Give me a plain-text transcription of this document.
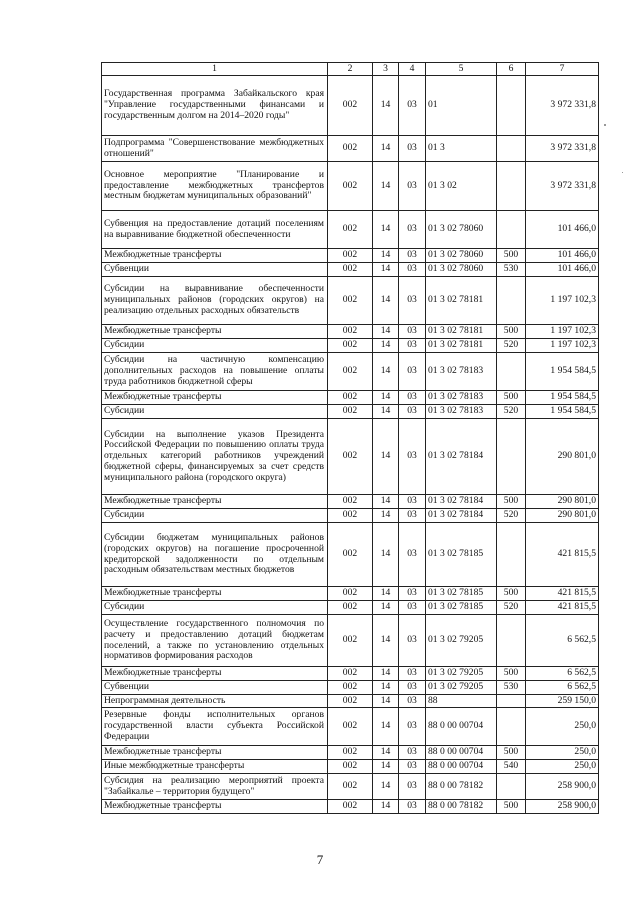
1	2	3	4	5	6	7
Государственная программа Забайкальского края "Управление государственными финансами и государственным долгом на 2014–2020 годы"	002	14	03	01		3 972 331,8
Подпрограмма "Совершенствование межбюджетных отношений"	002	14	03	01 3		3 972 331,8
Основное мероприятие "Планирование и предоставление межбюджетных трансфертов местным бюджетам муниципальных образований"	002	14	03	01 3 02		3 972 331,8
Субвенция на предоставление дотаций поселениям на выравнивание бюджетной обеспеченности	002	14	03	01 3 02 78060		101 466,0
Межбюджетные трансферты	002	14	03	01 3 02 78060	500	101 466,0
Субвенции	002	14	03	01 3 02 78060	530	101 466,0
Субсидии на выравнивание обеспеченности муниципальных районов (городских округов) на реализацию отдельных расходных обязательств	002	14	03	01 3 02 78181		1 197 102,3
Межбюджетные трансферты	002	14	03	01 3 02 78181	500	1 197 102,3
Субсидии	002	14	03	01 3 02 78181	520	1 197 102,3
Субсидии на частичную компенсацию дополнительных расходов на повышение оплаты труда работников бюджетной сферы	002	14	03	01 3 02 78183		1 954 584,5
Межбюджетные трансферты	002	14	03	01 3 02 78183	500	1 954 584,5
Субсидии	002	14	03	01 3 02 78183	520	1 954 584,5
Субсидии на выполнение указов Президента Российской Федерации по повышению оплаты труда отдельных категорий работников учреждений бюджетной сферы, финансируемых за счет средств муниципального района (городского округа)	002	14	03	01 3 02 78184		290 801,0
Межбюджетные трансферты	002	14	03	01 3 02 78184	500	290 801,0
Субсидии	002	14	03	01 3 02 78184	520	290 801,0
Субсидии бюджетам муниципальных районов (городских округов) на погашение просроченной кредиторской задолженности по отдельным расходным обязательствам местных бюджетов	002	14	03	01 3 02 78185		421 815,5
Межбюджетные трансферты	002	14	03	01 3 02 78185	500	421 815,5
Субсидии	002	14	03	01 3 02 78185	520	421 815,5
Осуществление государственного полномочия по расчету и предоставлению дотаций бюджетам поселений, а также по установлению отдельных нормативов формирования расходов	002	14	03	01 3 02 79205		6 562,5
Межбюджетные трансферты	002	14	03	01 3 02 79205	500	6 562,5
Субвенции	002	14	03	01 3 02 79205	530	6 562,5
Непрограммная деятельность	002	14	03	88		259 150,0
Резервные фонды исполнительных органов государственной власти субъекта Российской Федерации	002	14	03	88 0 00 00704		250,0
Межбюджетные трансферты	002	14	03	88 0 00 00704	500	250,0
Иные межбюджетные трансферты	002	14	03	88 0 00 00704	540	250,0
Субсидия на реализацию мероприятий проекта "Забайкалье – территория будущего"	002	14	03	88 0 00 78182		258 900,0
Межбюджетные трансферты	002	14	03	88 0 00 78182	500	258 900,0
7
